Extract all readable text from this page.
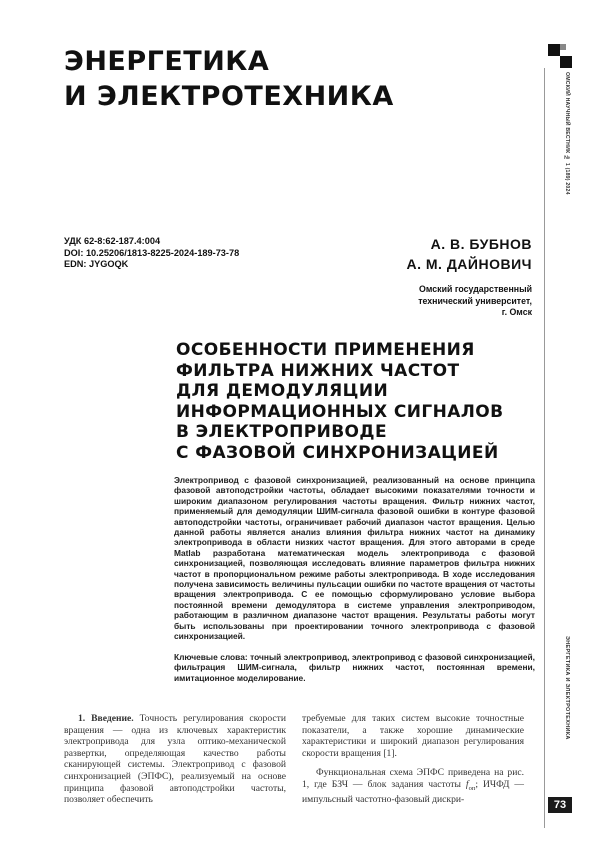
ЭНЕРГЕТИКА
И ЭЛЕКТРОТЕХНИКА	ОМСКИЙ НАУЧНЫЙ ВЕСТНИК № 1 (189) 2024
ЭНЕРГЕТИКА И ЭЛЕКТРОТЕХНИКА
73
УДК 62-8:62-187.4:004
DOI: 10.25206/1813-8225-2024-189-73-78
EDN: JYGOQK
А. В. БУБНОВ
А. М. ДАЙНОВИЧ
Омский государственный
технический университет,
г. Омск
ОСОБЕННОСТИ ПРИМЕНЕНИЯ
ФИЛЬТРА НИЖНИХ ЧАСТОТ
ДЛЯ ДЕМОДУЛЯЦИИ
ИНФОРМАЦИОННЫХ СИГНАЛОВ
В ЭЛЕКТРОПРИВОДЕ
С ФАЗОВОЙ СИНХРОНИЗАЦИЕЙ

Электропривод с фазовой синхронизацией, реализованный на основе принципа фазовой автоподстройки частоты, обладает высокими показателями точности и широким диапазоном регулирования частоты вращения. Фильтр нижних частот, применяемый для демодуляции ШИМ-сигнала фазовой ошибки в контуре фазовой автоподстройки частоты, ограничивает рабочий диапазон частот вращения. Целью данной работы является анализ влияния фильтра нижних частот на динамику электропривода в области низких частот вращения. Для этого авторами в среде Matlab разработана математическая модель электропривода с фазовой синхронизацией, позволяющая исследовать влияние параметров фильтра нижних частот в пропорциональном режиме работы электропривода. В ходе исследования получена зависимость величины пульсации ошибки по частоте вращения от частоты вращения электропривода. С ее помощью сформулировано условие выбора постоянной времени демодулятора в системе управления электроприводом, работающим в различном диапазоне частот вращения. Результаты работы могут быть использованы при проектировании точного электропривода с фазовой синхронизацией.

Ключевые слова: точный электропривод, электропривод с фазовой синхронизацией, фильтрация ШИМ-сигнала, фильтр нижних частот, постоянная времени, имитационное моделирование.

1. Введение. Точность регулирования скорости вращения — одна из ключевых характеристик электропривода для узла оптико-механической развертки, определяющая качество работы сканирующей системы. Электропривод с фазовой синхронизацией (ЭПФС), реализуемый на основе принципа фазовой автоподстройки частоты, позволяет обеспечить

требуемые для таких систем высокие точностные показатели, а также хорошие динамические характеристики и широкий диапазон регулирования скорости вращения [1].

Функциональная схема ЭПФС приведена на рис. 1, где БЗЧ — блок задания частоты $f_{оп}$; ИЧФД — импульсный частотно-фазовый дискри-
